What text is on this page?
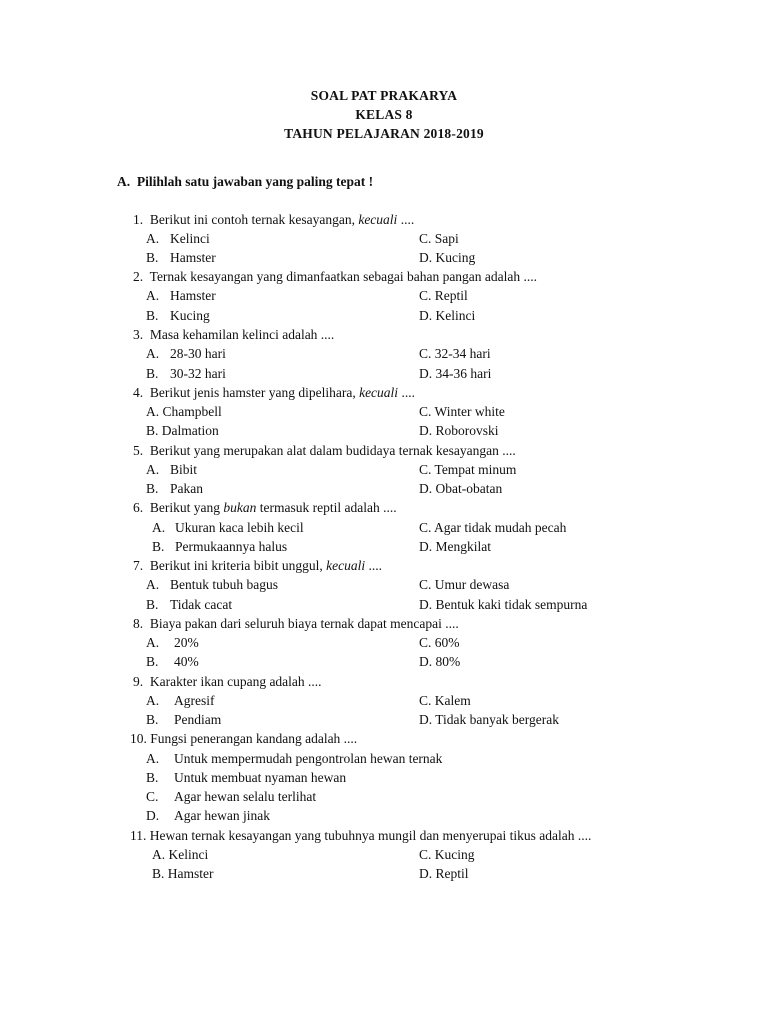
SOAL PAT PRAKARYA
KELAS 8
TAHUN PELAJARAN 2018-2019
A. Pilihlah satu jawaban yang paling tepat !
1. Berikut ini contoh ternak kesayangan, kecuali ....
A. Kelinci	C. Sapi
B. Hamster	D. Kucing
2. Ternak kesayangan yang dimanfaatkan sebagai bahan pangan adalah ....
A. Hamster	C. Reptil
B. Kucing	D. Kelinci
3. Masa kehamilan kelinci adalah ....
A. 28-30 hari	C. 32-34 hari
B. 30-32 hari	D. 34-36 hari
4. Berikut jenis hamster yang dipelihara, kecuali ....
A. Champbell	C. Winter white
B. Dalmation	D. Roborovski
5. Berikut yang merupakan alat dalam budidaya ternak kesayangan ....
A. Bibit	C. Tempat minum
B. Pakan	D. Obat-obatan
6. Berikut yang bukan termasuk reptil adalah ....
A. Ukuran kaca lebih kecil	C. Agar tidak mudah pecah
B. Permukaannya halus	D. Mengkilat
7. Berikut ini kriteria bibit unggul, kecuali ....
A. Bentuk tubuh bagus	C. Umur dewasa
B. Tidak cacat	D. Bentuk kaki tidak sempurna
8. Biaya pakan dari seluruh biaya ternak dapat mencapai ....
A. 20%	C. 60%
B. 40%	D. 80%
9. Karakter ikan cupang adalah ....
A. Agresif	C. Kalem
B. Pendiam	D. Tidak banyak bergerak
10. Fungsi penerangan kandang adalah ....
A. Untuk mempermudah pengontrolan hewan ternak
B. Untuk membuat nyaman hewan
C. Agar hewan selalu terlihat
D. Agar hewan jinak
11. Hewan ternak kesayangan yang tubuhnya mungil dan menyerupai tikus adalah ....
A. Kelinci	C. Kucing
B. Hamster	D. Reptil
